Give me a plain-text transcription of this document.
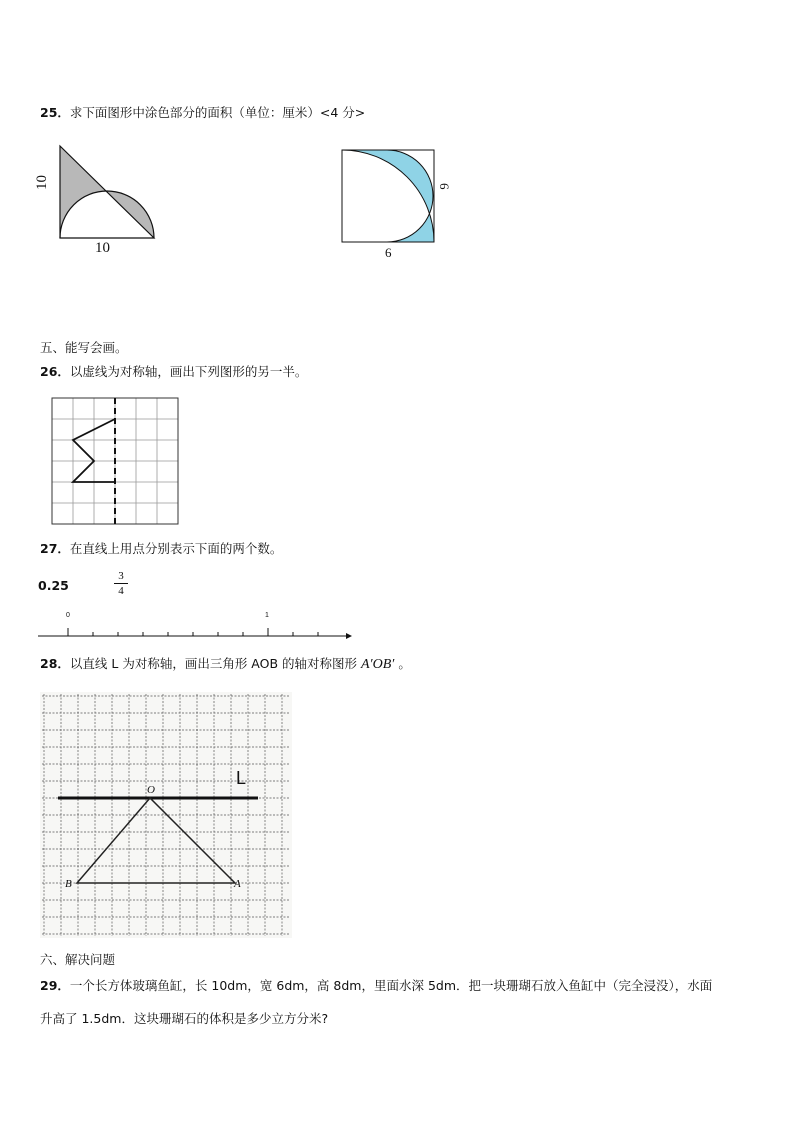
25．求下面图形中涂色部分的面积（单位：厘米）<4 分>
10
10
6
6
五、能写会画。
26．以虚线为对称轴，画出下列图形的另一半。
27．在直线上用点分别表示下面的两个数。
0.25
3
4
0	1
28．以直线 L 为对称轴，画出三角形 AOB 的轴对称图形 A′OB′ 。
L
O
A
B
六、解决问题
29．一个长方体玻璃鱼缸，长 10dm，宽 6dm，高 8dm，里面水深 5dm．把一块珊瑚石放入鱼缸中（完全浸没），水面
升高了 1.5dm．这块珊瑚石的体积是多少立方分米?
